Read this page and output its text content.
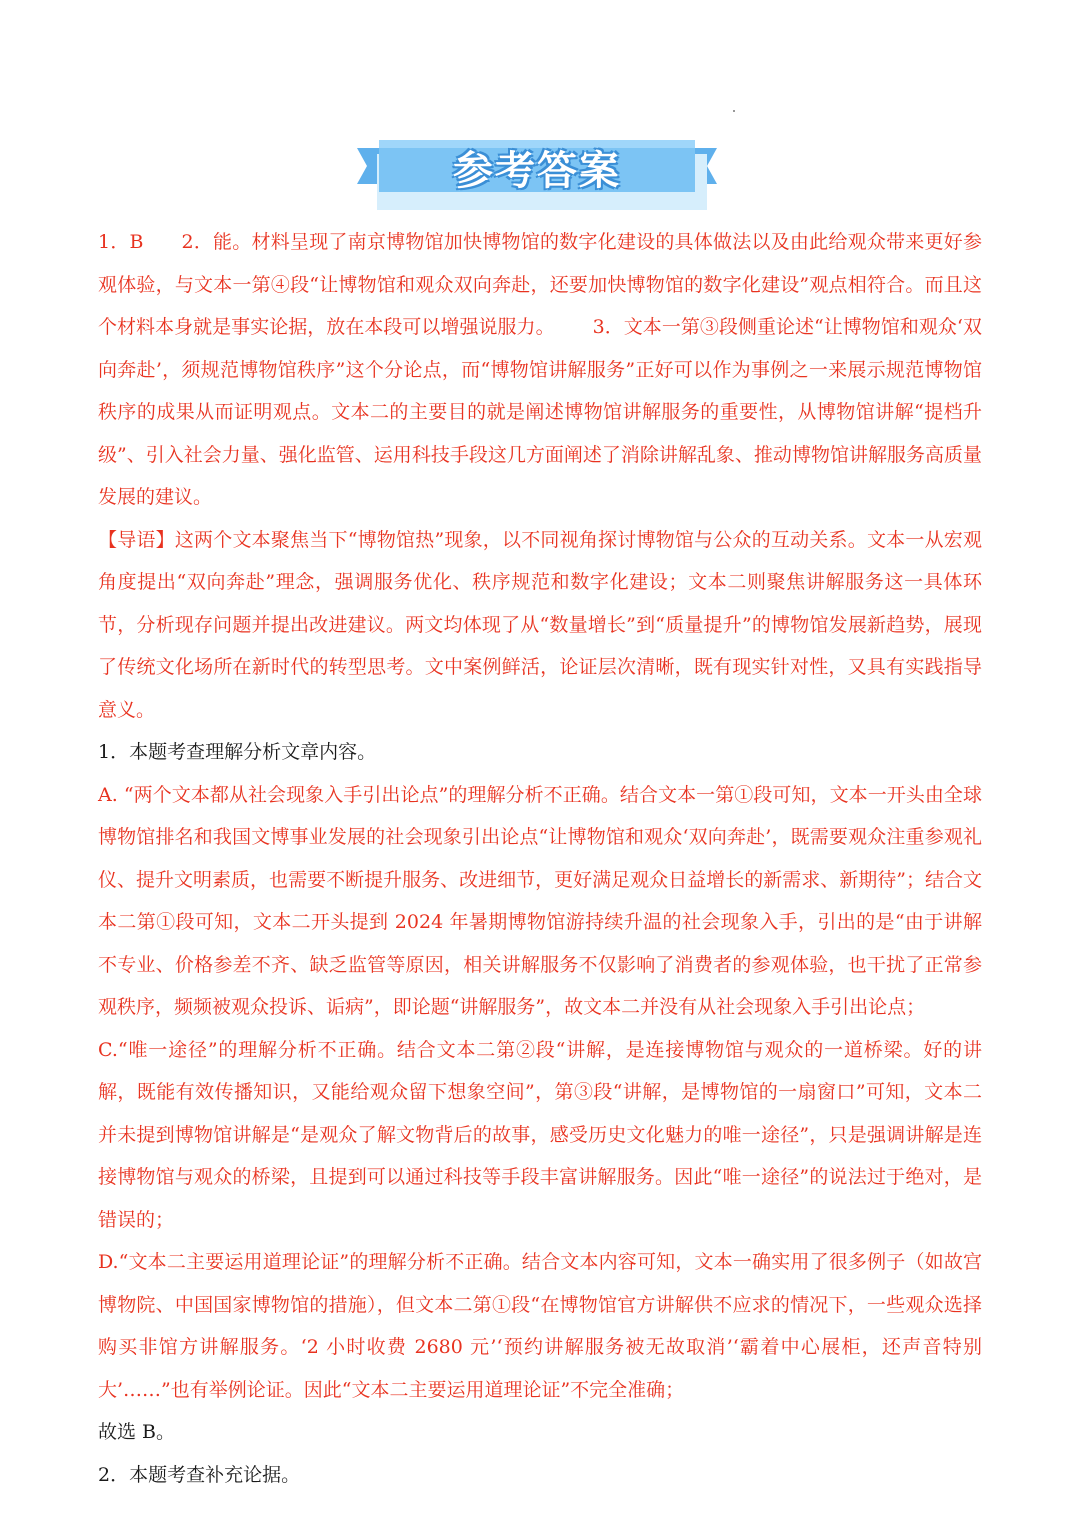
参考答案

1．B 2．能。材料呈现了南京博物馆加快博物馆的数字化建设的具体做法以及由此给观众带来更好参观体验，与文本一第④段“让博物馆和观众双向奔赴，还要加快博物馆的数字化建设”观点相符合。而且这个材料本身就是事实论据，放在本段可以增强说服力。 3．文本一第③段侧重论述“让博物馆和观众‘双向奔赴’，须规范博物馆秩序”这个分论点，而“博物馆讲解服务”正好可以作为事例之一来展示规范博物馆秩序的成果从而证明观点。文本二的主要目的就是阐述博物馆讲解服务的重要性，从博物馆讲解“提档升级”、引入社会力量、强化监管、运用科技手段这几方面阐述了消除讲解乱象、推动博物馆讲解服务高质量发展的建议。

【导语】这两个文本聚焦当下“博物馆热”现象，以不同视角探讨博物馆与公众的互动关系。文本一从宏观角度提出“双向奔赴”理念，强调服务优化、秩序规范和数字化建设；文本二则聚焦讲解服务这一具体环节，分析现存问题并提出改进建议。两文均体现了从“数量增长”到“质量提升”的博物馆发展新趋势，展现了传统文化场所在新时代的转型思考。文中案例鲜活，论证层次清晰，既有现实针对性，又具有实践指导意义。

1．本题考查理解分析文章内容。

A. “两个文本都从社会现象入手引出论点”的理解分析不正确。结合文本一第①段可知，文本一开头由全球博物馆排名和我国文博事业发展的社会现象引出论点“让博物馆和观众‘双向奔赴’，既需要观众注重参观礼仪、提升文明素质，也需要不断提升服务、改进细节，更好满足观众日益增长的新需求、新期待”；结合文本二第①段可知，文本二开头提到 2024 年暑期博物馆游持续升温的社会现象入手，引出的是“由于讲解不专业、价格参差不齐、缺乏监管等原因，相关讲解服务不仅影响了消费者的参观体验，也干扰了正常参观秩序，频频被观众投诉、诟病”，即论题“讲解服务”，故文本二并没有从社会现象入手引出论点；

C.“唯一途径”的理解分析不正确。结合文本二第②段“讲解，是连接博物馆与观众的一道桥梁。好的讲解，既能有效传播知识，又能给观众留下想象空间”，第③段“讲解，是博物馆的一扇窗口”可知，文本二并未提到博物馆讲解是“是观众了解文物背后的故事，感受历史文化魅力的唯一途径”，只是强调讲解是连接博物馆与观众的桥梁，且提到可以通过科技等手段丰富讲解服务。因此“唯一途径”的说法过于绝对，是错误的；

D.“文本二主要运用道理论证”的理解分析不正确。结合文本内容可知，文本一确实用了很多例子（如故宫博物院、中国国家博物馆的措施），但文本二第①段“在博物馆官方讲解供不应求的情况下，一些观众选择购买非馆方讲解服务。‘2 小时收费 2680 元’‘预约讲解服务被无故取消’‘霸着中心展柜，还声音特别大’……”也有举例论证。因此“文本二主要运用道理论证”不完全准确；

故选 B。

2．本题考查补充论据。
